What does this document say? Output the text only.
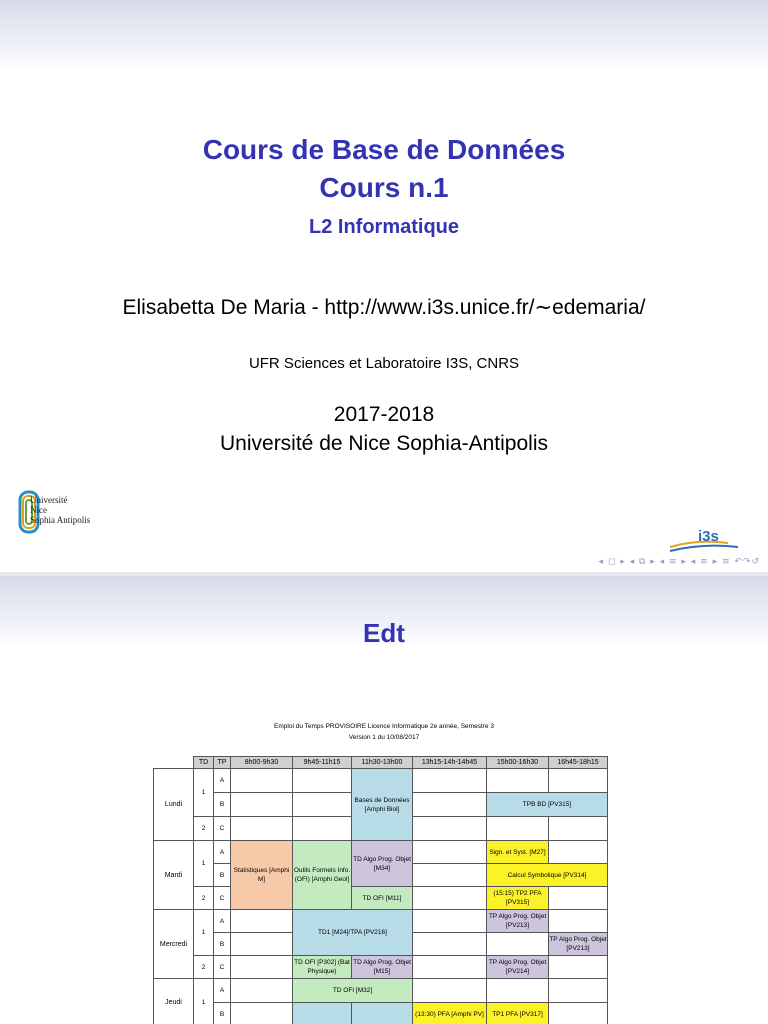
Cours de Base de Données
Cours n.1
L2 Informatique
Elisabetta De Maria - http://www.i3s.unice.fr/∼edemaria/
UFR Sciences et Laboratoire I3S, CNRS
2017-2018
Université de Nice Sophia-Antipolis
Université
Nice
Sophia Antipolis
i3s
◂ ◻ ▸ ◂ ⧉ ▸ ◂ ≡ ▸ ◂ ≡ ▸ ≡ ↶↷↺
Edt
Emploi du Temps PROVISOIRE Licence Informatique 2e année, Semestre 3
Version 1 du 10/08/2017
	TD	TP	8h00-9h30	9h45-11h15	11h30-13h00	13h15-14h-14h45	15h00-16h30	16h45-18h15
Lundi	1	A			Bases de Données [Amphi Biol]			
		B					TPB BD [PV315]	
	2	C						
Mardi	1	A	Statistiques [Amphi M]	Outils Formels Info. (OFI) [Amphi Geol]	TD Algo Prog. Objet [M34]		Sign. et Syst. [M27]	
		B					Calcul Symbolique [PV314]	
	2	C			TD OFI [M11]		(15:15) TP2 PFA [PV315]	
Mercredi	1	A		TD1 [M24]/TPA [PV216]			TP Algo Prog. Objet [PV213]	
		B						TP Algo Prog. Objet [PV213]
	2	C		TD OFI [P302] (Bat Physique)	TD Algo Prog. Objet [M15]		TP Algo Prog. Objet [PV214]	
Jeudi	1	A		TD OFI [M32]				
		B				(13:30) PFA [Amphi PV]	TP1 PFA [PV317]	
